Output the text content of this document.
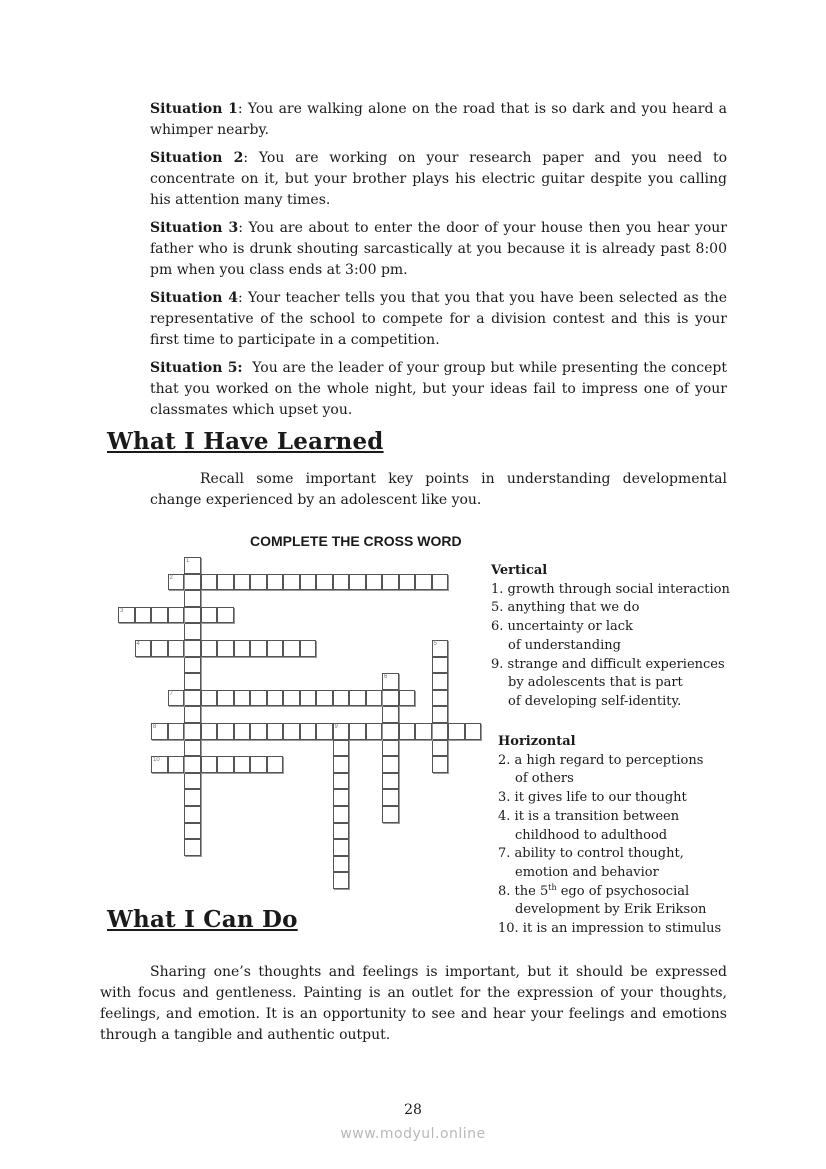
Situation 1: You are walking alone on the road that is so dark and you heard a whimper nearby.
Situation 2: You are working on your research paper and you need to concentrate on it, but your brother plays his electric guitar despite you calling his attention many times.
Situation 3: You are about to enter the door of your house then you hear your father who is drunk shouting sarcastically at you because it is already past 8:00 pm when you class ends at 3:00 pm.
Situation 4: Your teacher tells you that you that you have been selected as the representative of the school to compete for a division contest and this is your first time to participate in a competition.
Situation 5:  You are the leader of your group but while presenting the concept that you worked on the whole night, but your ideas fail to impress one of your classmates which upset you.
What I Have Learned
Recall some important key points in understanding developmental change experienced by an adolescent like you.
COMPLETE THE CROSS WORD
1
2
3
4	5
6
7
8	9
10
Vertical
1. growth through social interaction
5. anything that we do
6. uncertainty or lack
of understanding
9. strange and difficult experiences
by adolescents that is part
of developing self-identity.
Horizontal
2. a high regard to perceptions
of others
3. it gives life to our thought
4. it is a transition between
childhood to adulthood
7. ability to control thought,
emotion and behavior
8. the 5th ego of psychosocial
development by Erik Erikson
10. it is an impression to stimulus
What I Can Do
Sharing one’s thoughts and feelings is important, but it should be expressed with focus and gentleness. Painting is an outlet for the expression of your thoughts, feelings, and emotion. It is an opportunity to see and hear your feelings and emotions through a tangible and authentic output.
28
www.modyul.online
